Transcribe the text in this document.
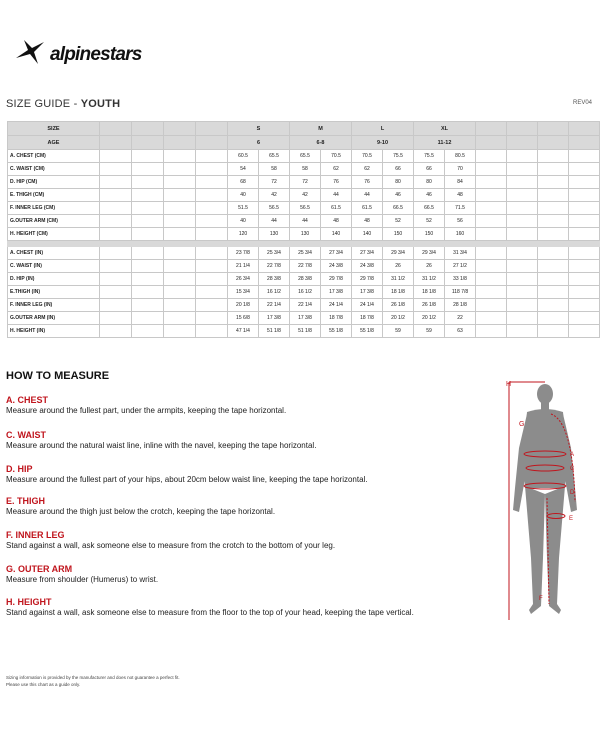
alpinestars
SIZE GUIDE - YOUTH	REV04
SIZE					S		M		L		XL					
AGE					6		6-8		9-10		11-12					
A. CHEST (CM)					60.5	65.5	65.5	70.5	70.5	75.5	75.5	80.5				
C. WAIST (CM)					54	58	58	62	62	66	66	70				
D. HIP (CM)					68	72	72	76	76	80	80	84				
E. THIGH (CM)					40	42	42	44	44	46	46	48				
F. INNER LEG (CM)					51.5	56.5	56.5	61.5	61.5	66.5	66.5	71.5				
G.OUTER ARM (CM)					40	44	44	48	48	52	52	56				
H. HEIGHT (CM)					120	130	130	140	140	150	150	160				

A. CHEST (IN)					23 7/8	25 3/4	25 3/4	27 3/4	27 3/4	29 3/4	29 3/4	31 3/4				
C. WAIST (IN)					21 1/4	22 7/8	22 7/8	24 3/8	24 3/8	26	26	27 1/2				
D. HIP (IN)					26 3/4	28 3/8	28 3/8	29 7/8	29 7/8	31 1/2	31 1/2	33 1/8				
E.THIGH (IN)					15 3/4	16 1/2	16 1/2	17 3/8	17 3/8	18 1/8	18 1/8	118 7/8				
F. INNER LEG (IN)					20 1/8	22 1/4	22 1/4	24 1/4	24 1/4	26 1/8	26 1/8	28 1/8				
G.OUTER ARM (IN)					15 6/8	17 3/8	17 3/8	18 7/8	18 7/8	20 1/2	20 1/2	22				
H. HEIGHT (IN)					47 1/4	51 1/8	51 1/8	55 1/8	55 1/8	59	59	63				
HOW TO MEASURE
A. CHEST
Measure around the fullest part, under the armpits, keeping the tape horizontal.
C. WAIST
Measure around the natural waist line, inline with the navel, keeping the tape horizontal.
D. HIP
Measure around the fullest part of your hips, about 20cm below waist line, keeping the tape horizontal.
E. THIGH
Measure around the thigh just below the crotch, keeping the tape horizontal.
F. INNER LEG
Stand against a wall, ask someone else to measure from the crotch to the bottom of your leg.
G. OUTER ARM
Measure from shoulder (Humerus) to wrist.
H. HEIGHT
Stand against a wall, ask someone else to measure from the floor to the top of your head, keeping the tape vertical.
H
G
A
C
D
E
F
Sizing information is provided by the manufacturer and does not guarantee a perfect fit.
Please use this chart as a guide only.
